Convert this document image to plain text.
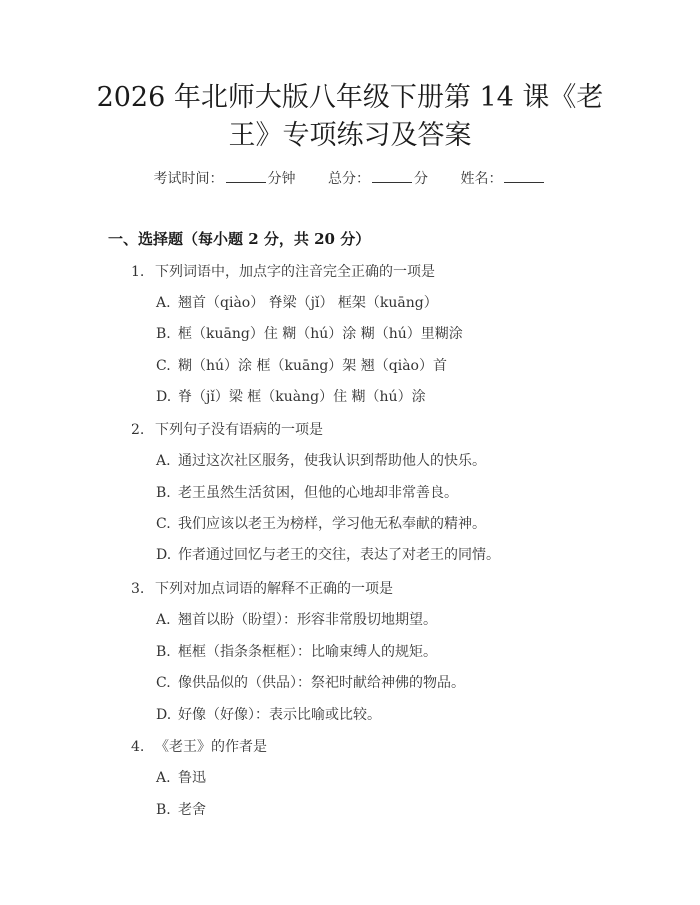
2026 年北师大版八年级下册第 14 课《老
王》专项练习及答案
考试时间：	分钟 总分：	分 姓名：
一、选择题（每小题 2 分，共 20 分）
1. 下列词语中，加点字的注音完全正确的一项是
A. 翘首（qiào） 脊梁（jǐ） 框架（kuāng）
B. 框（kuāng）住 糊（hú）涂 糊（hú）里糊涂
C. 糊（hú）涂 框（kuāng）架 翘（qiào）首
D. 脊（jǐ）梁 框（kuàng）住 糊（hú）涂
2. 下列句子没有语病的一项是
A. 通过这次社区服务，使我认识到帮助他人的快乐。
B. 老王虽然生活贫困，但他的心地却非常善良。
C. 我们应该以老王为榜样，学习他无私奉献的精神。
D. 作者通过回忆与老王的交往，表达了对老王的同情。
3. 下列对加点词语的解释不正确的一项是
A. 翘首以盼（盼望）：形容非常殷切地期望。
B. 框框（指条条框框）：比喻束缚人的规矩。
C. 像供品似的（供品）：祭祀时献给神佛的物品。
D. 好像（好像）：表示比喻或比较。
4. 《老王》的作者是
A. 鲁迅
B. 老舍
